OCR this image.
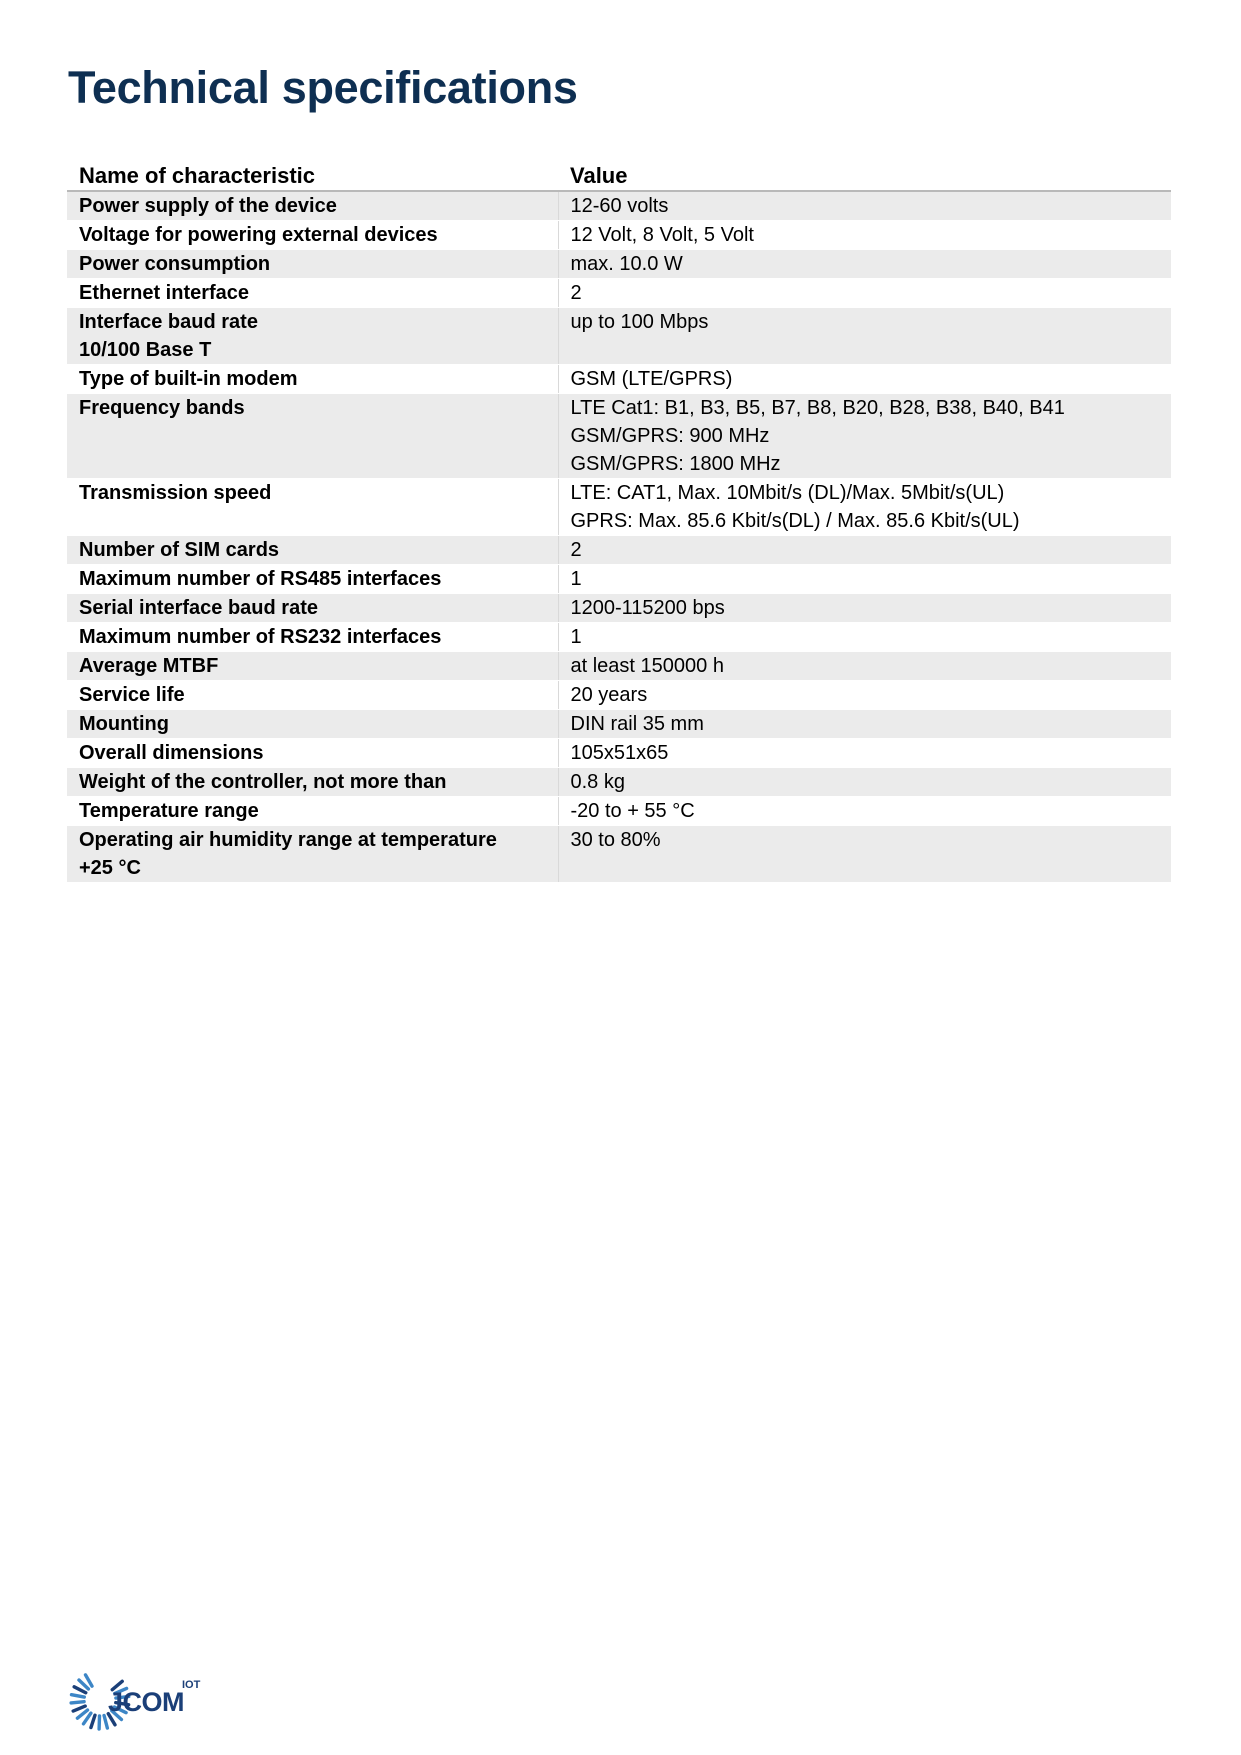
Technical specifications
Name of characteristic	Value

Power supply of the device	12-60 volts

Voltage for powering external devices	12 Volt, 8 Volt, 5 Volt

Power consumption	max. 10.0 W

Ethernet interface	2

Interface baud rate
10/100 Base T	up to 100 Mbps

Type of built-in modem	GSM (LTE/GPRS)

Frequency bands	LTE Cat1: B1, B3, B5, B7, B8, B20, B28, B38, B40, B41
GSM/GPRS: 900 MHz
GSM/GPRS: 1800 MHz

Transmission speed	LTE: CAT1, Max. 10Mbit/s (DL)/Max. 5Mbit/s(UL)
GPRS: Max. 85.6 Kbit/s(DL) / Max. 85.6 Kbit/s(UL)

Number of SIM cards	2

Maximum number of RS485 interfaces	1

Serial interface baud rate	1200-115200 bps

Maximum number of RS232 interfaces	1

Average MTBF	at least 150000 h

Service life	20 years

Mounting	DIN rail 35 mm

Overall dimensions	105x51x65

Weight of the controller, not more than	0.8 kg

Temperature range	-20 to + 55 °C

Operating air humidity range at temperature
+25 °C	30 to 80%
JCOM
IOT
